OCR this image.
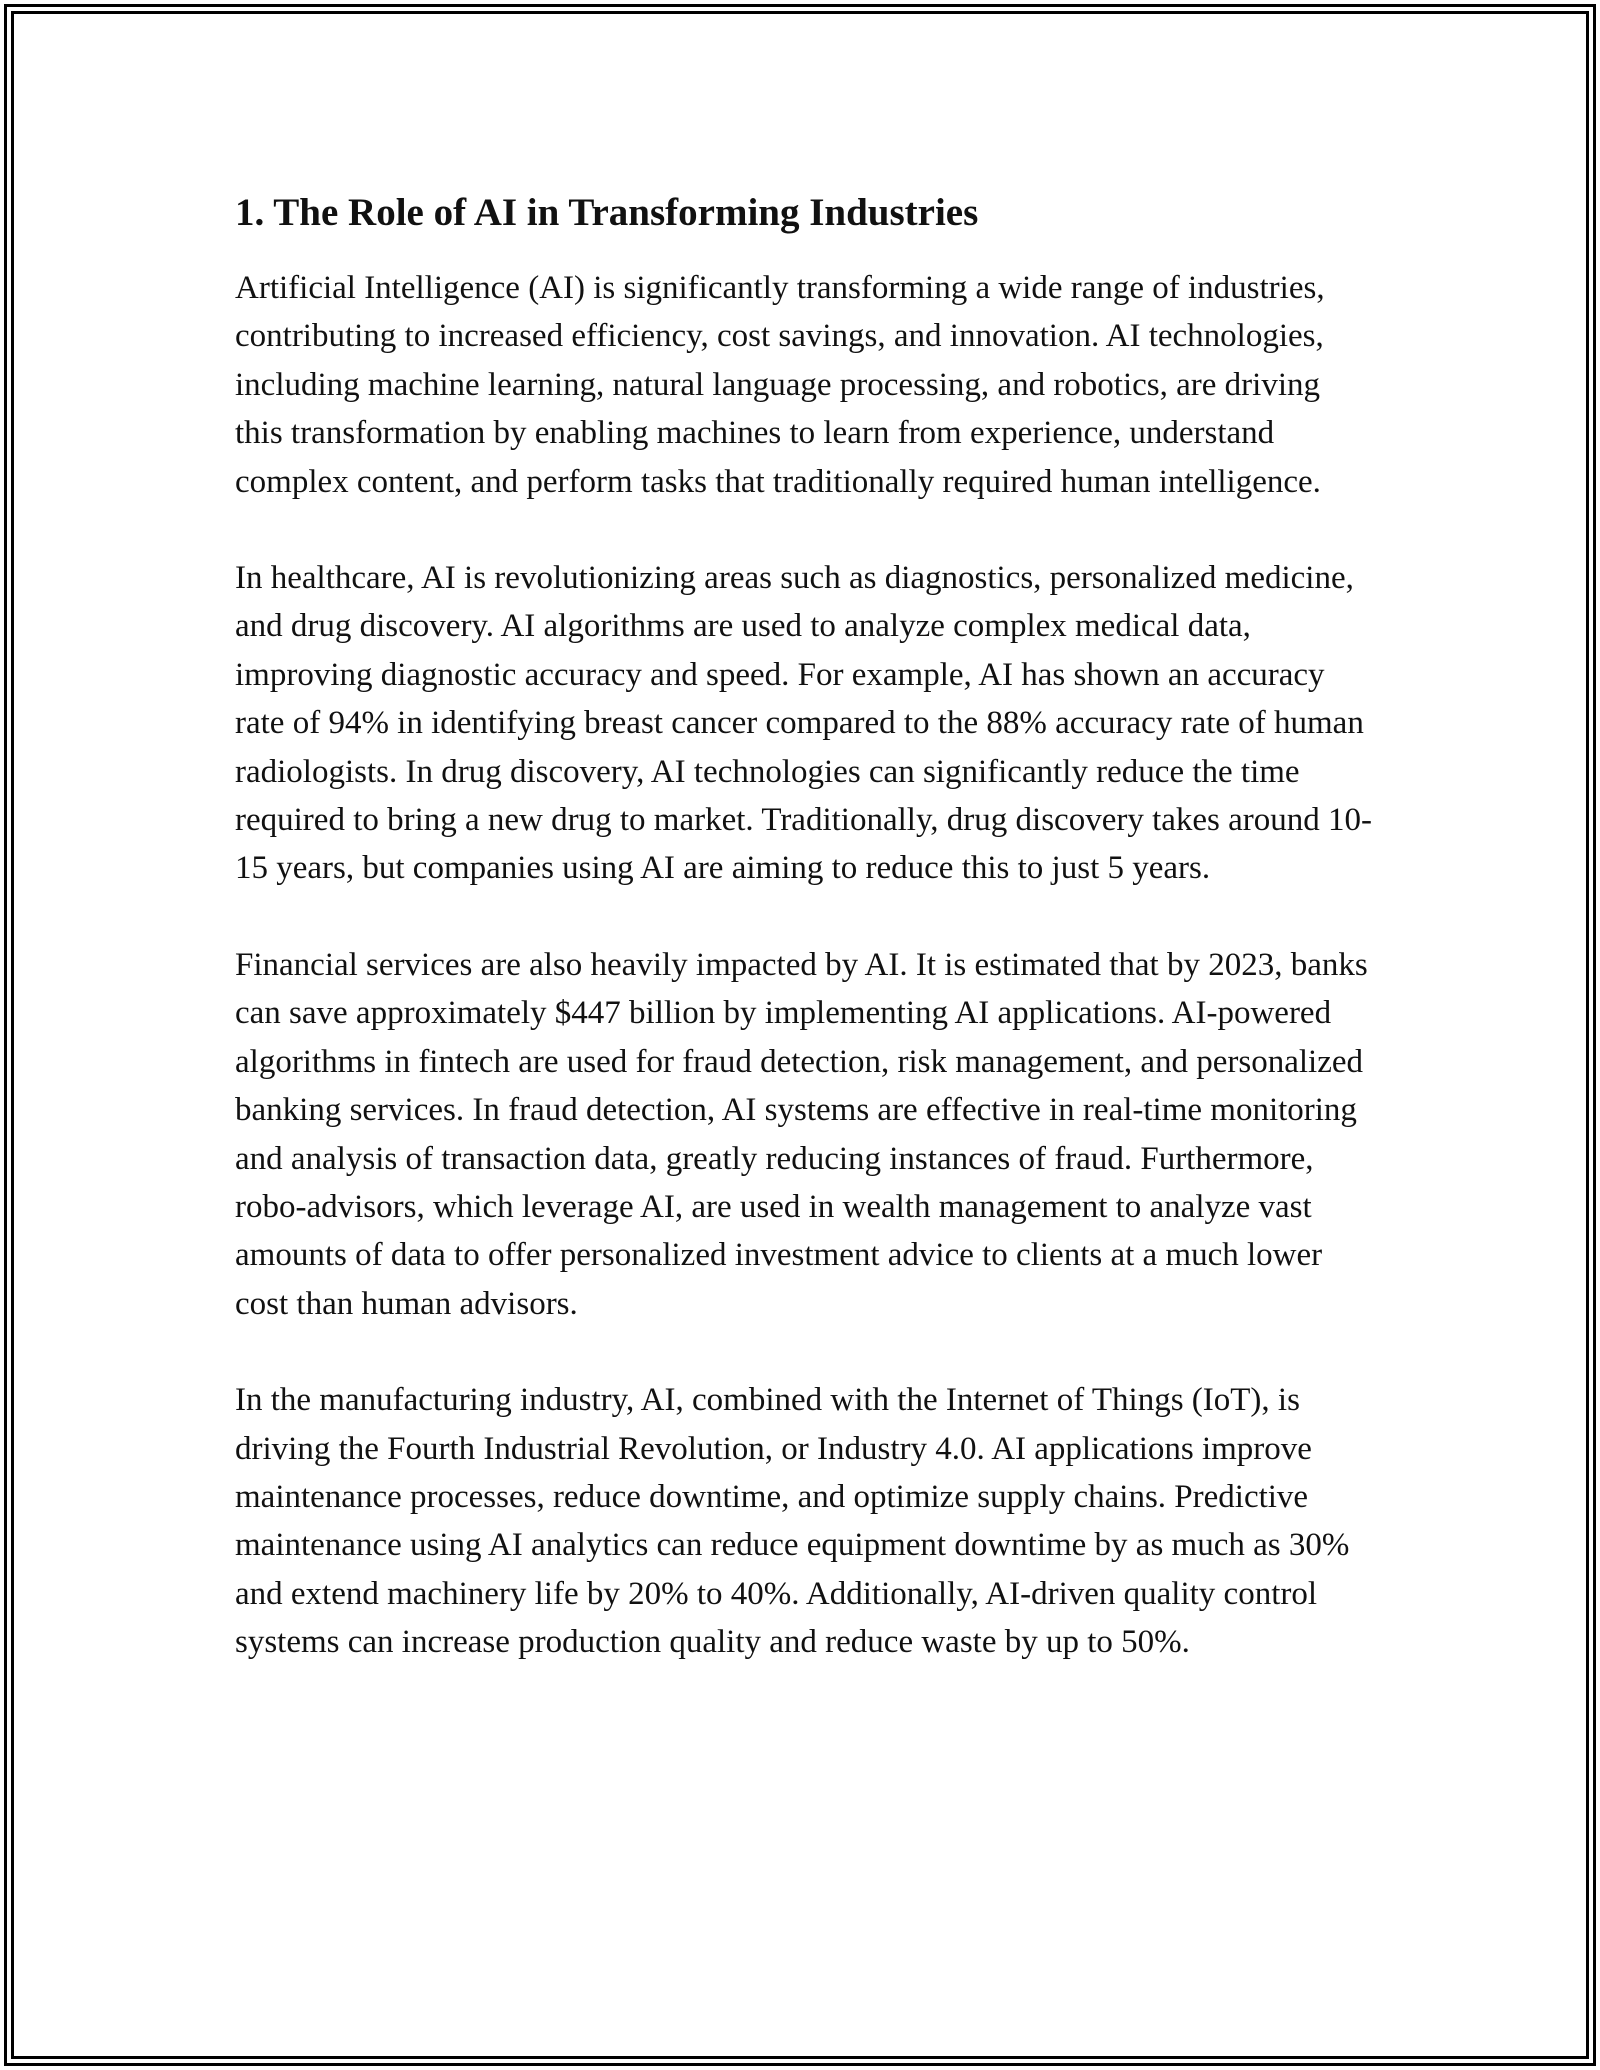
1. The Role of AI in Transforming Industries

Artificial Intelligence (AI) is significantly transforming a wide range of industries, contributing to increased efficiency, cost savings, and innovation. AI technologies, including machine learning, natural language processing, and robotics, are driving this transformation by enabling machines to learn from experience, understand complex content, and perform tasks that traditionally required human intelligence.

In healthcare, AI is revolutionizing areas such as diagnostics, personalized medicine, and drug discovery. AI algorithms are used to analyze complex medical data, improving diagnostic accuracy and speed. For example, AI has shown an accuracy rate of 94% in identifying breast cancer compared to the 88% accuracy rate of human radiologists. In drug discovery, AI technologies can significantly reduce the time required to bring a new drug to market. Traditionally, drug discovery takes around 10-15 years, but companies using AI are aiming to reduce this to just 5 years.

Financial services are also heavily impacted by AI. It is estimated that by 2023, banks can save approximately $447 billion by implementing AI applications. AI-powered algorithms in fintech are used for fraud detection, risk management, and personalized banking services. In fraud detection, AI systems are effective in real-time monitoring and analysis of transaction data, greatly reducing instances of fraud. Furthermore, robo-advisors, which leverage AI, are used in wealth management to analyze vast amounts of data to offer personalized investment advice to clients at a much lower cost than human advisors.

In the manufacturing industry, AI, combined with the Internet of Things (IoT), is driving the Fourth Industrial Revolution, or Industry 4.0. AI applications improve maintenance processes, reduce downtime, and optimize supply chains. Predictive maintenance using AI analytics can reduce equipment downtime by as much as 30% and extend machinery life by 20% to 40%. Additionally, AI-driven quality control systems can increase production quality and reduce waste by up to 50%.
